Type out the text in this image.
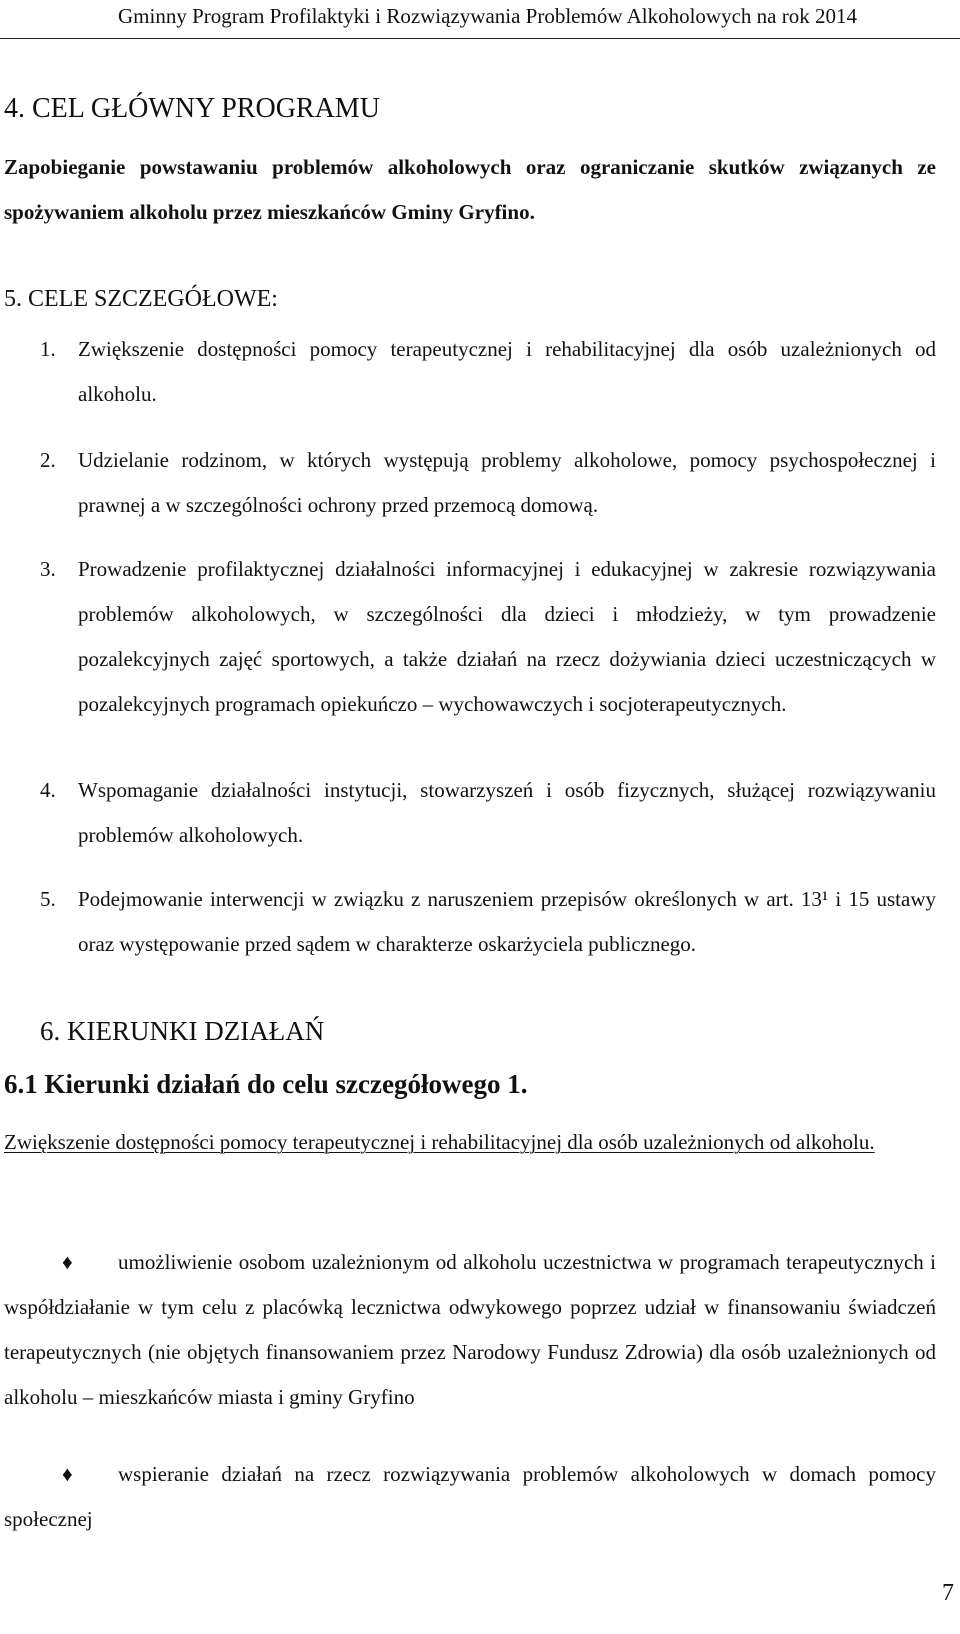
Gminny Program Profilaktyki i Rozwiązywania Problemów Alkoholowych na rok 2014
4. CEL GŁÓWNY PROGRAMU
Zapobieganie powstawaniu problemów alkoholowych oraz ograniczanie skutków związanych ze spożywaniem alkoholu przez mieszkańców Gminy Gryfino.
5. CELE SZCZEGÓŁOWE:
1.	Zwiększenie dostępności pomocy terapeutycznej i rehabilitacyjnej dla osób uzależnionych od alkoholu.
2.	Udzielanie rodzinom, w których występują problemy alkoholowe, pomocy psychospołecznej i prawnej a w szczególności ochrony przed przemocą domową.
3.	Prowadzenie profilaktycznej działalności informacyjnej i edukacyjnej w zakresie rozwiązywania problemów alkoholowych, w szczególności dla dzieci i młodzieży, w tym prowadzenie pozalekcyjnych zajęć sportowych, a także działań na rzecz dożywiania dzieci uczestniczących w pozalekcyjnych programach opiekuńczo – wychowawczych i socjoterapeutycznych.
4.	Wspomaganie działalności instytucji, stowarzyszeń i osób fizycznych, służącej rozwiązywaniu problemów alkoholowych.
5.	Podejmowanie interwencji w związku z naruszeniem przepisów określonych w art. 13¹ i 15 ustawy oraz występowanie przed sądem w charakterze oskarżyciela publicznego.
6. KIERUNKI DZIAŁAŃ
6.1 Kierunki działań do celu szczegółowego 1.
Zwiększenie dostępności pomocy terapeutycznej i rehabilitacyjnej dla osób uzależnionych od alkoholu.
♦ umożliwienie osobom uzależnionym od alkoholu uczestnictwa w programach terapeutycznych i współdziałanie w tym celu z placówką lecznictwa odwykowego poprzez udział w finansowaniu świadczeń terapeutycznych (nie objętych finansowaniem przez Narodowy Fundusz Zdrowia) dla osób uzależnionych od alkoholu – mieszkańców miasta i gminy Gryfino
♦ wspieranie działań na rzecz rozwiązywania problemów alkoholowych w domach pomocy społecznej
7
